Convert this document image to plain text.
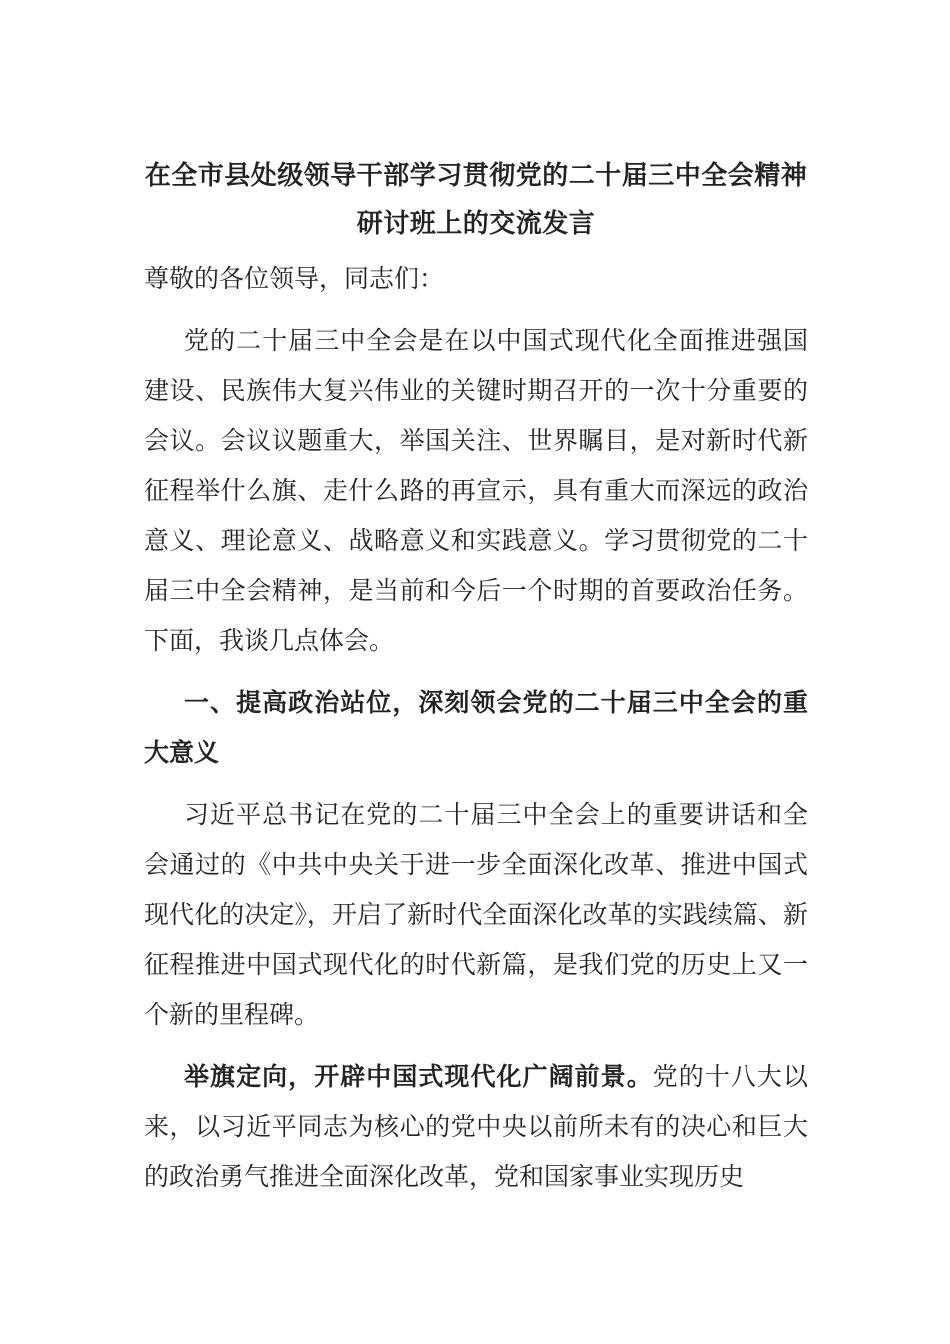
在全市县处级领导干部学习贯彻党的二十届三中全会精神
研讨班上的交流发言

尊敬的各位领导，同志们：

党的二十届三中全会是在以中国式现代化全面推进强国建设、民族伟大复兴伟业的关键时期召开的一次十分重要的会议。会议议题重大，举国关注、世界瞩目，是对新时代新征程举什么旗、走什么路的再宣示，具有重大而深远的政治意义、理论意义、战略意义和实践意义。学习贯彻党的二十届三中全会精神，是当前和今后一个时期的首要政治任务。下面，我谈几点体会。

一、提高政治站位，深刻领会党的二十届三中全会的重大意义

习近平总书记在党的二十届三中全会上的重要讲话和全会通过的《中共中央关于进一步全面深化改革、推进中国式现代化的决定》，开启了新时代全面深化改革的实践续篇、新征程推进中国式现代化的时代新篇，是我们党的历史上又一个新的里程碑。

举旗定向，开辟中国式现代化广阔前景。党的十八大以来，以习近平同志为核心的党中央以前所未有的决心和巨大的政治勇气推进全面深化改革，党和国家事业实现历史
